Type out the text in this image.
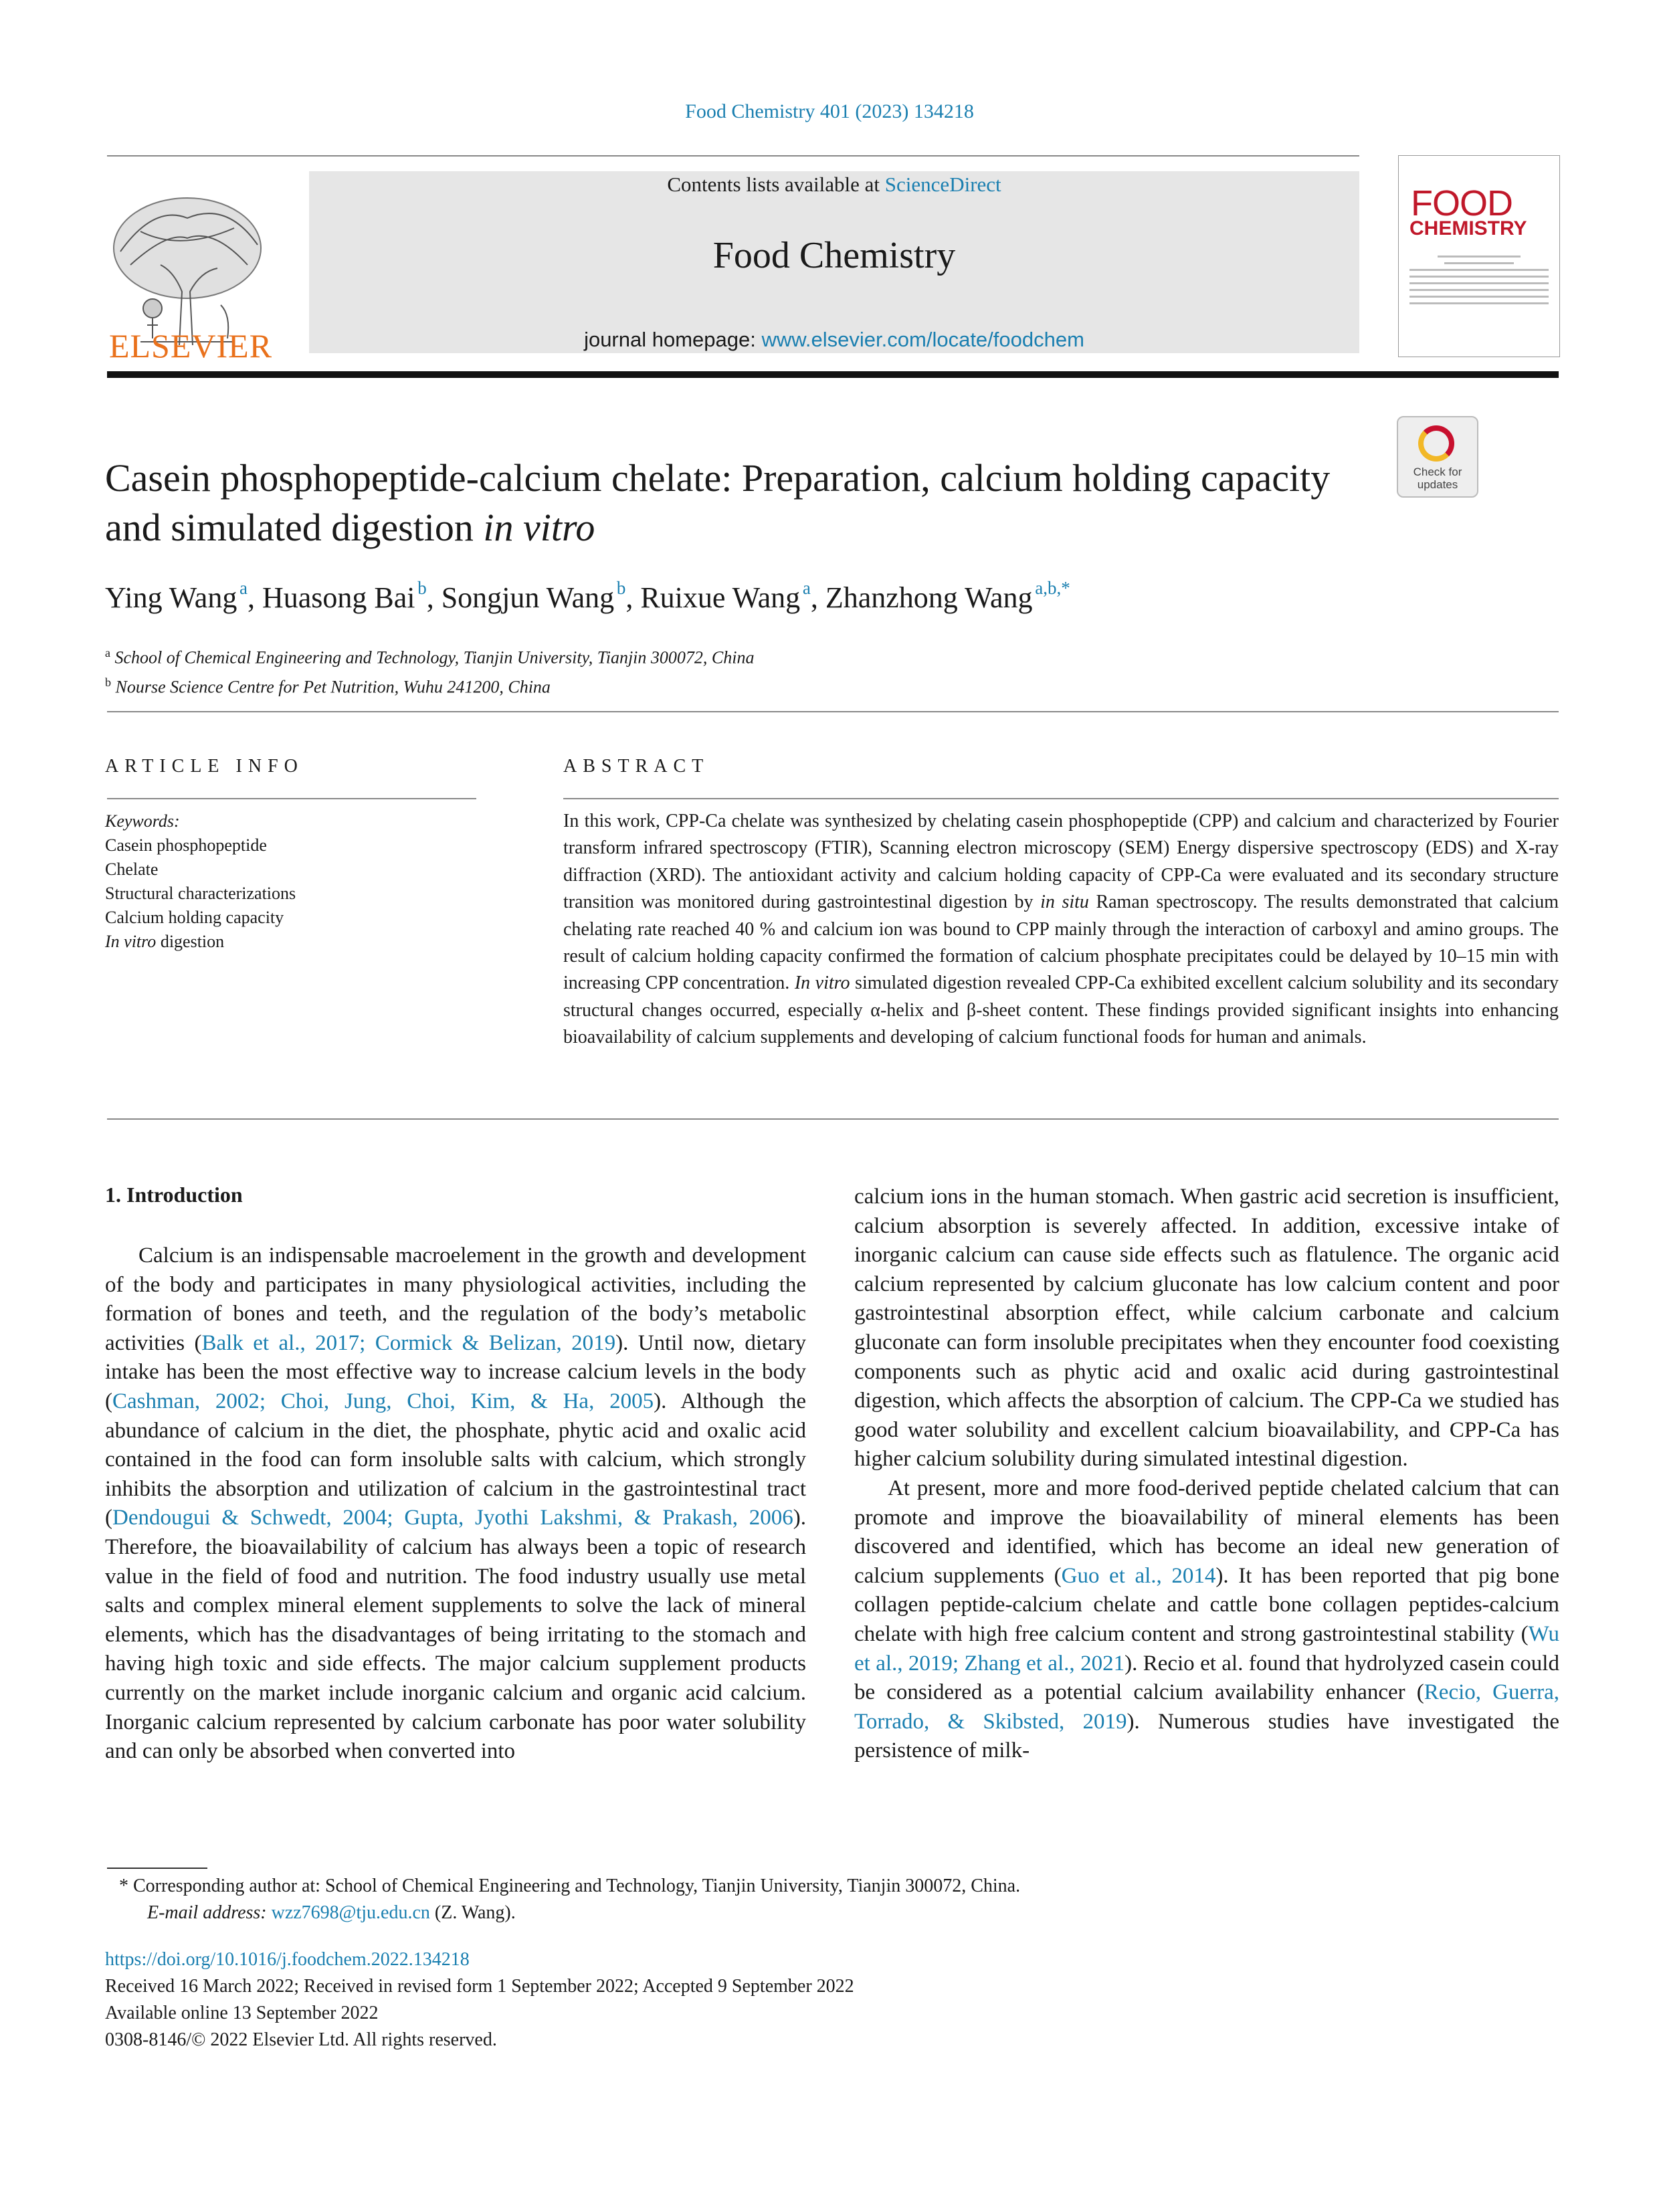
Food Chemistry 401 (2023) 134218
ELSEVIER
Contents lists available at ScienceDirect
Food Chemistry
journal homepage: www.elsevier.com/locate/foodchem
FOOD
CHEMISTRY
Check for updates
Casein phosphopeptide-calcium chelate: Preparation, calcium holding capacity and simulated digestion in vitro
Ying Wang  $^a$, Huasong Bai  $^b$, Songjun Wang  $^b$, Ruixue Wang  $^a$, Zhanzhong Wang  $^{a,b,*}$
$^a$ School of Chemical Engineering and Technology, Tianjin University, Tianjin 300072, China
$^b$ Nourse Science Centre for Pet Nutrition, Wuhu 241200, China
ARTICLE INFO	ABSTRACT
Keywords:
Casein phosphopeptide
Chelate
Structural characterizations
Calcium holding capacity
In vitro digestion
In this work, CPP-Ca chelate was synthesized by chelating casein phosphopeptide (CPP) and calcium and characterized by Fourier transform infrared spectroscopy (FTIR), Scanning electron microscopy (SEM) Energy dispersive spectroscopy (EDS) and X-ray diffraction (XRD). The antioxidant activity and calcium holding capacity of CPP-Ca were evaluated and its secondary structure transition was monitored during gastrointestinal digestion by in situ Raman spectroscopy. The results demonstrated that calcium chelating rate reached 40 % and calcium ion was bound to CPP mainly through the interaction of carboxyl and amino groups. The result of calcium holding capacity confirmed the formation of calcium phosphate precipitates could be delayed by 10–15 min with increasing CPP concentration. In vitro simulated digestion revealed CPP-Ca exhibited excellent calcium solubility and its secondary structural changes occurred, especially α-helix and β-sheet content. These findings provided significant insights into enhancing bioavailability of calcium supplements and developing of calcium functional foods for human and animals.
1. Introduction

Calcium is an indispensable macroelement in the growth and development of the body and participates in many physiological activities, including the formation of bones and teeth, and the regulation of the body’s metabolic activities (Balk et al., 2017; Cormick & Belizan, 2019). Until now, dietary intake has been the most effective way to increase calcium levels in the body (Cashman, 2002; Choi, Jung, Choi, Kim, & Ha, 2005). Although the abundance of calcium in the diet, the phosphate, phytic acid and oxalic acid contained in the food can form insoluble salts with calcium, which strongly inhibits the absorption and utilization of calcium in the gastrointestinal tract (Dendougui & Schwedt, 2004; Gupta, Jyothi Lakshmi, & Prakash, 2006). Therefore, the bioavailability of calcium has always been a topic of research value in the field of food and nutrition. The food industry usually use metal salts and complex mineral element supplements to solve the lack of mineral elements, which has the disadvantages of being irritating to the stomach and having high toxic and side effects. The major calcium supplement products currently on the market include inorganic calcium and organic acid calcium. Inorganic calcium represented by calcium carbonate has poor water solubility and can only be absorbed when converted into

calcium ions in the human stomach. When gastric acid secretion is insufficient, calcium absorption is severely affected. In addition, excessive intake of inorganic calcium can cause side effects such as flatulence. The organic acid calcium represented by calcium gluconate has low calcium content and poor gastrointestinal absorption effect, while calcium carbonate and calcium gluconate can form insoluble precipitates when they encounter food coexisting components such as phytic acid and oxalic acid during gastrointestinal digestion, which affects the absorption of calcium. The CPP-Ca we studied has good water solubility and excellent calcium bioavailability, and CPP-Ca has higher calcium solubility during simulated intestinal digestion.

At present, more and more food-derived peptide chelated calcium that can promote and improve the bioavailability of mineral elements has been discovered and identified, which has become an ideal new generation of calcium supplements (Guo et al., 2014). It has been reported that pig bone collagen peptide-calcium chelate and cattle bone collagen peptides-calcium chelate with high free calcium content and strong gastrointestinal stability (Wu et al., 2019; Zhang et al., 2021). Recio et al. found that hydrolyzed casein could be considered as a potential calcium availability enhancer (Recio, Guerra, Torrado, & Skibsted, 2019). Numerous studies have investigated the persistence of milk-

* Corresponding author at: School of Chemical Engineering and Technology, Tianjin University, Tianjin 300072, China.
E-mail address: wzz7698@tju.edu.cn (Z. Wang).
https://doi.org/10.1016/j.foodchem.2022.134218
Received 16 March 2022; Received in revised form 1 September 2022; Accepted 9 September 2022
Available online 13 September 2022
0308-8146/© 2022 Elsevier Ltd. All rights reserved.
